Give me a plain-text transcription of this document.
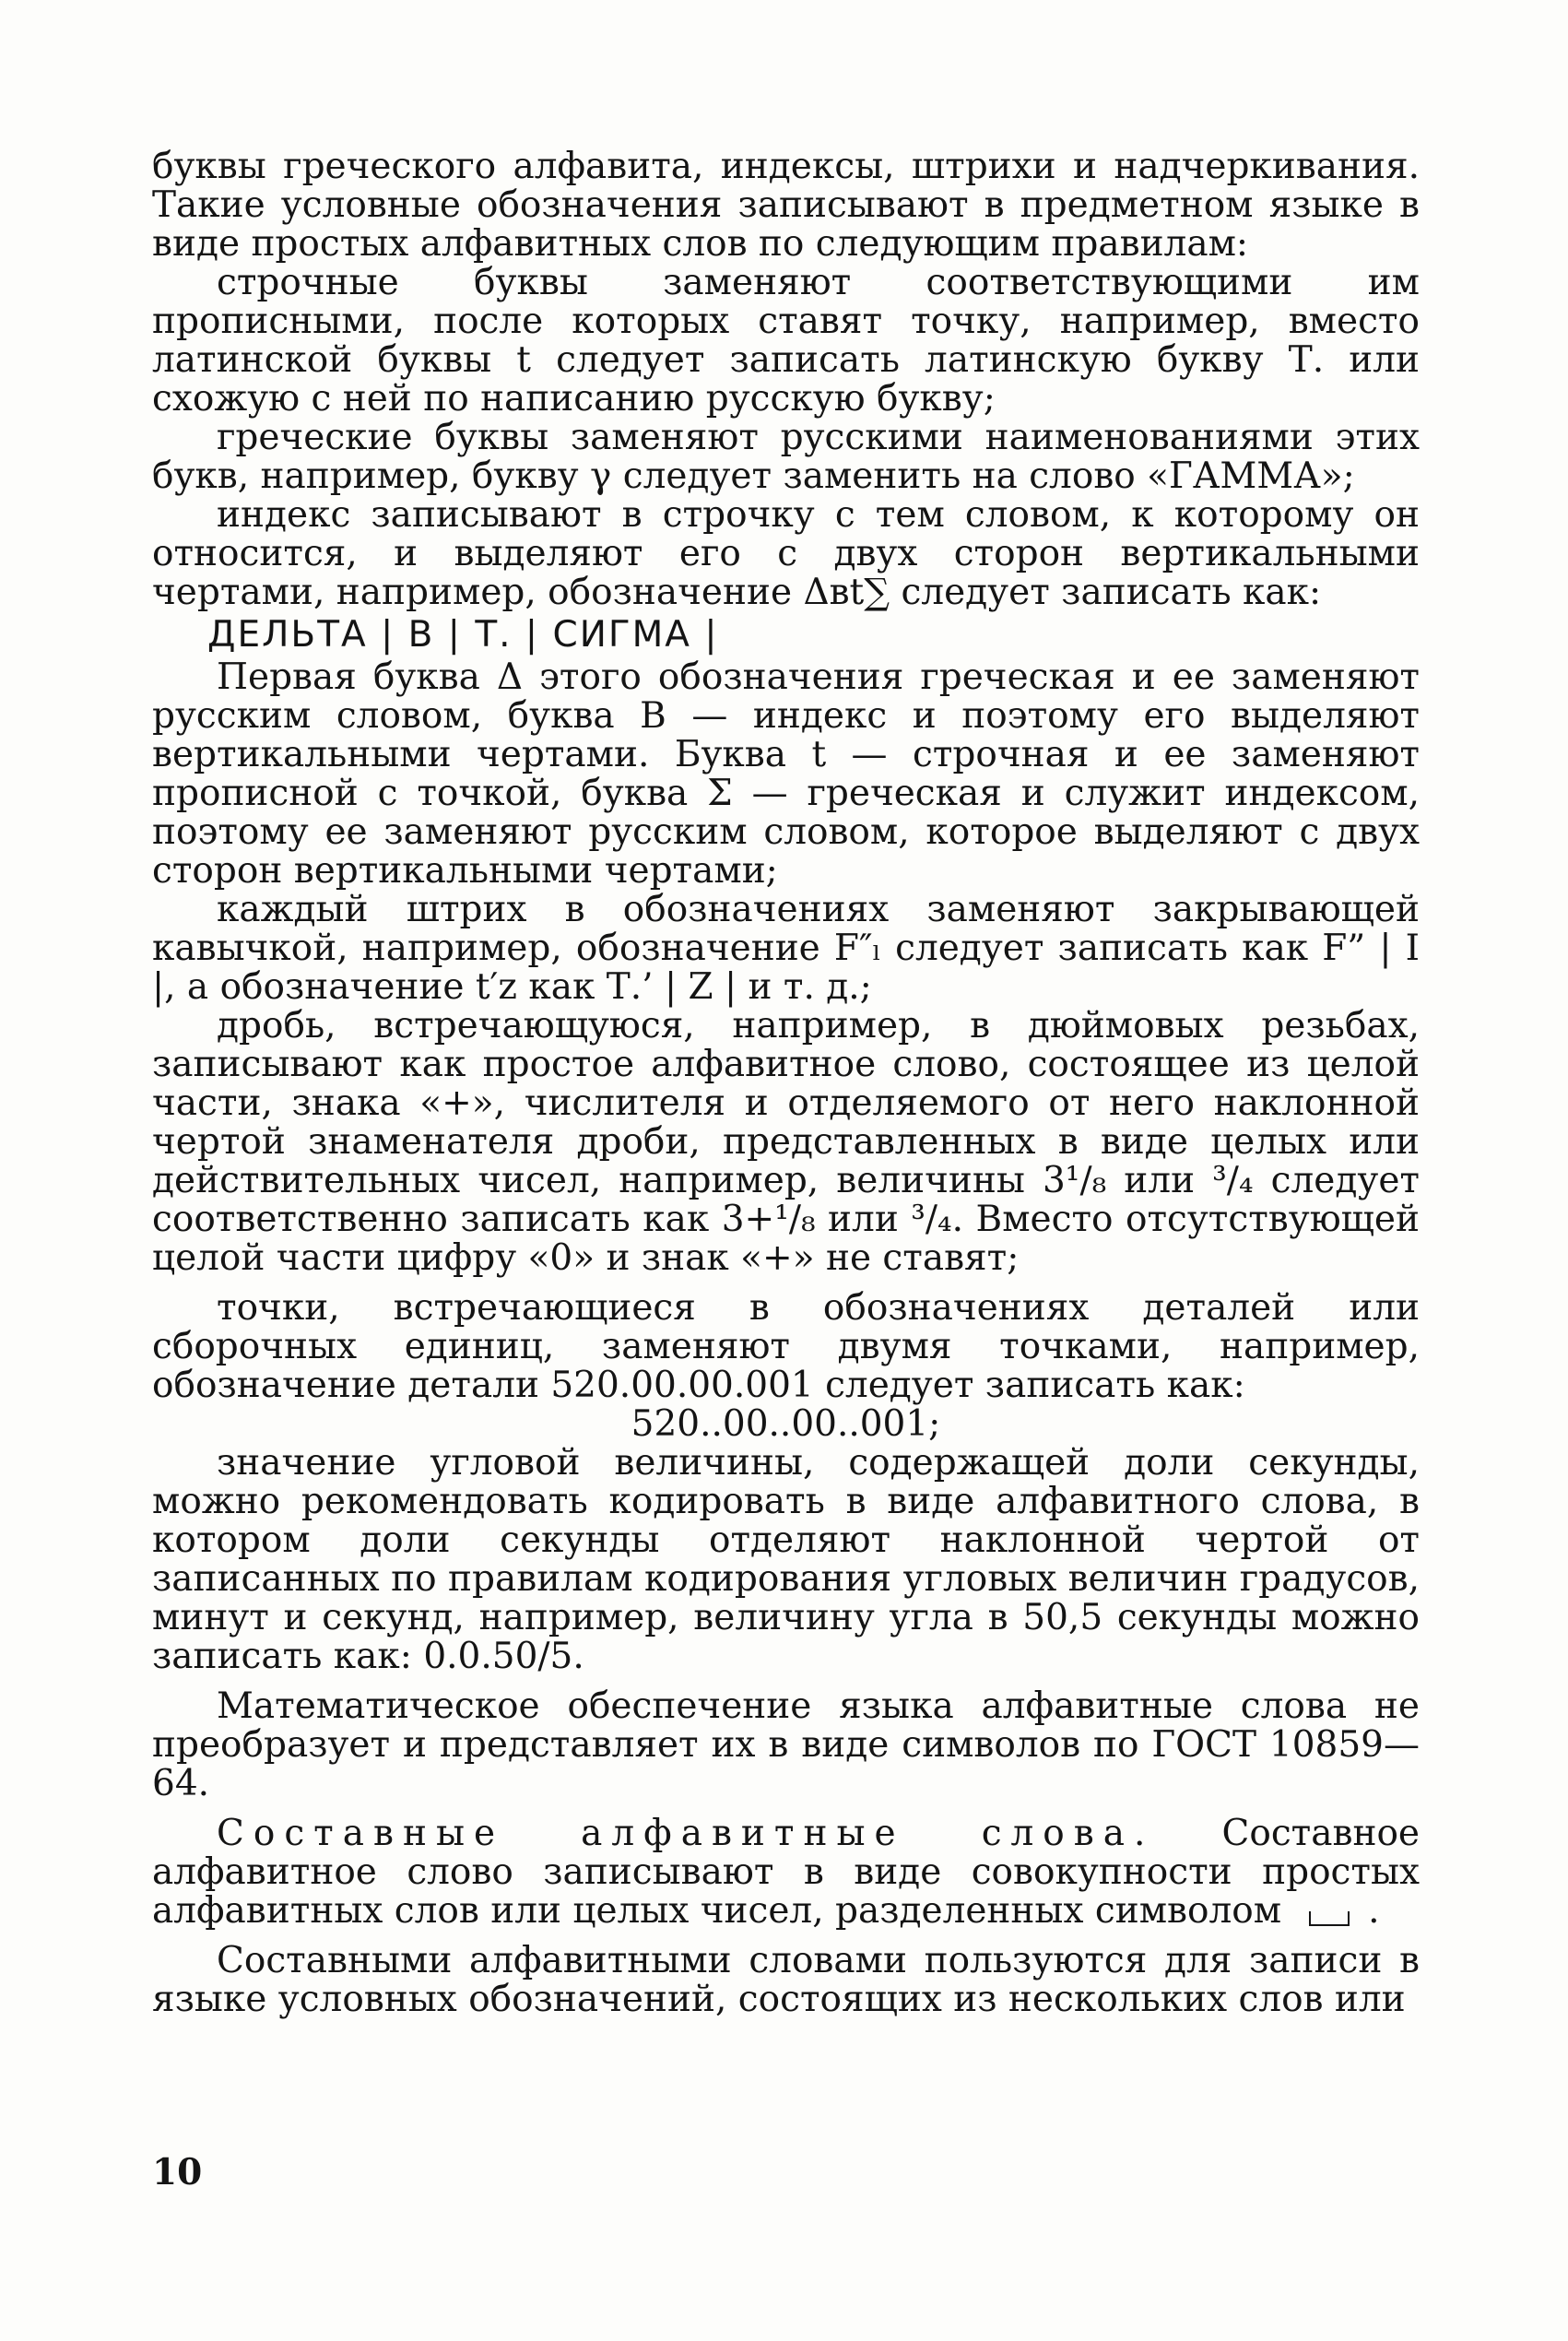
буквы греческого алфавита, индексы, штрихи и надчеркивания. Такие условные обозначения записывают в предметном языке в виде простых алфавитных слов по следующим правилам:

строчные буквы заменяют соответствующими им прописными, после которых ставят точку, например, вместо латинской буквы t следует записать латинскую букву Т. или схожую с ней по написанию русскую букву;

греческие буквы заменяют русскими наименованиями этих букв, например, букву γ следует заменить на слово «ГАММА»;

индекс записывают в строчку с тем словом, к которому он относится, и выделяют его с двух сторон вертикальными чертами, например, обозначение Δвt∑ следует записать как:

ДЕЛЬТА | В | Т. | СИГМА |

Первая буква Δ этого обозначения греческая и ее заменяют русским словом, буква В — индекс и поэтому его выделяют вертикальными чертами. Буква t — строчная и ее заменяют прописной с точкой, буква Σ — греческая и служит индексом, поэтому ее заменяют русским словом, которое выделяют с двух сторон вертикальными чертами;

каждый штрих в обозначениях заменяют закрывающей кавычкой, например, обозначение F″ₗ следует записать как F” | I |, а обозначение t′z как Т.’ | Z | и т. д.;

дробь, встречающуюся, например, в дюймовых резьбах, записывают как простое алфавитное слово, состоящее из целой части, знака «+», числителя и отделяемого от него наклонной чертой знаменателя дроби, представленных в виде целых или действительных чисел, например, величины 3¹/₈ или ³/₄ следует соответственно записать как 3+¹/₈ или ³/₄. Вместо отсутствующей целой части цифру «0» и знак «+» не ставят;

точки, встречающиеся в обозначениях деталей или сборочных единиц, заменяют двумя точками, например, обозначение детали 520.00.00.001 следует записать как:

520..00..00..001;

значение угловой величины, содержащей доли секунды, можно рекомендовать кодировать в виде алфавитного слова, в котором доли секунды отделяют наклонной чертой от записанных по правилам кодирования угловых величин градусов, минут и секунд, например, величину угла в 50,5 секунды можно записать как: 0.0.50/5.

Математическое обеспечение языка алфавитные слова не преобразует и представляет их в виде символов по ГОСТ 10859—64.

Составные алфавитные слова. Составное алфавитное слово записывают в виде совокупности простых алфавитных слов или целых чисел, разделенных символом .

Составными алфавитными словами пользуются для записи в языке условных обозначений, состоящих из нескольких слов или

10
